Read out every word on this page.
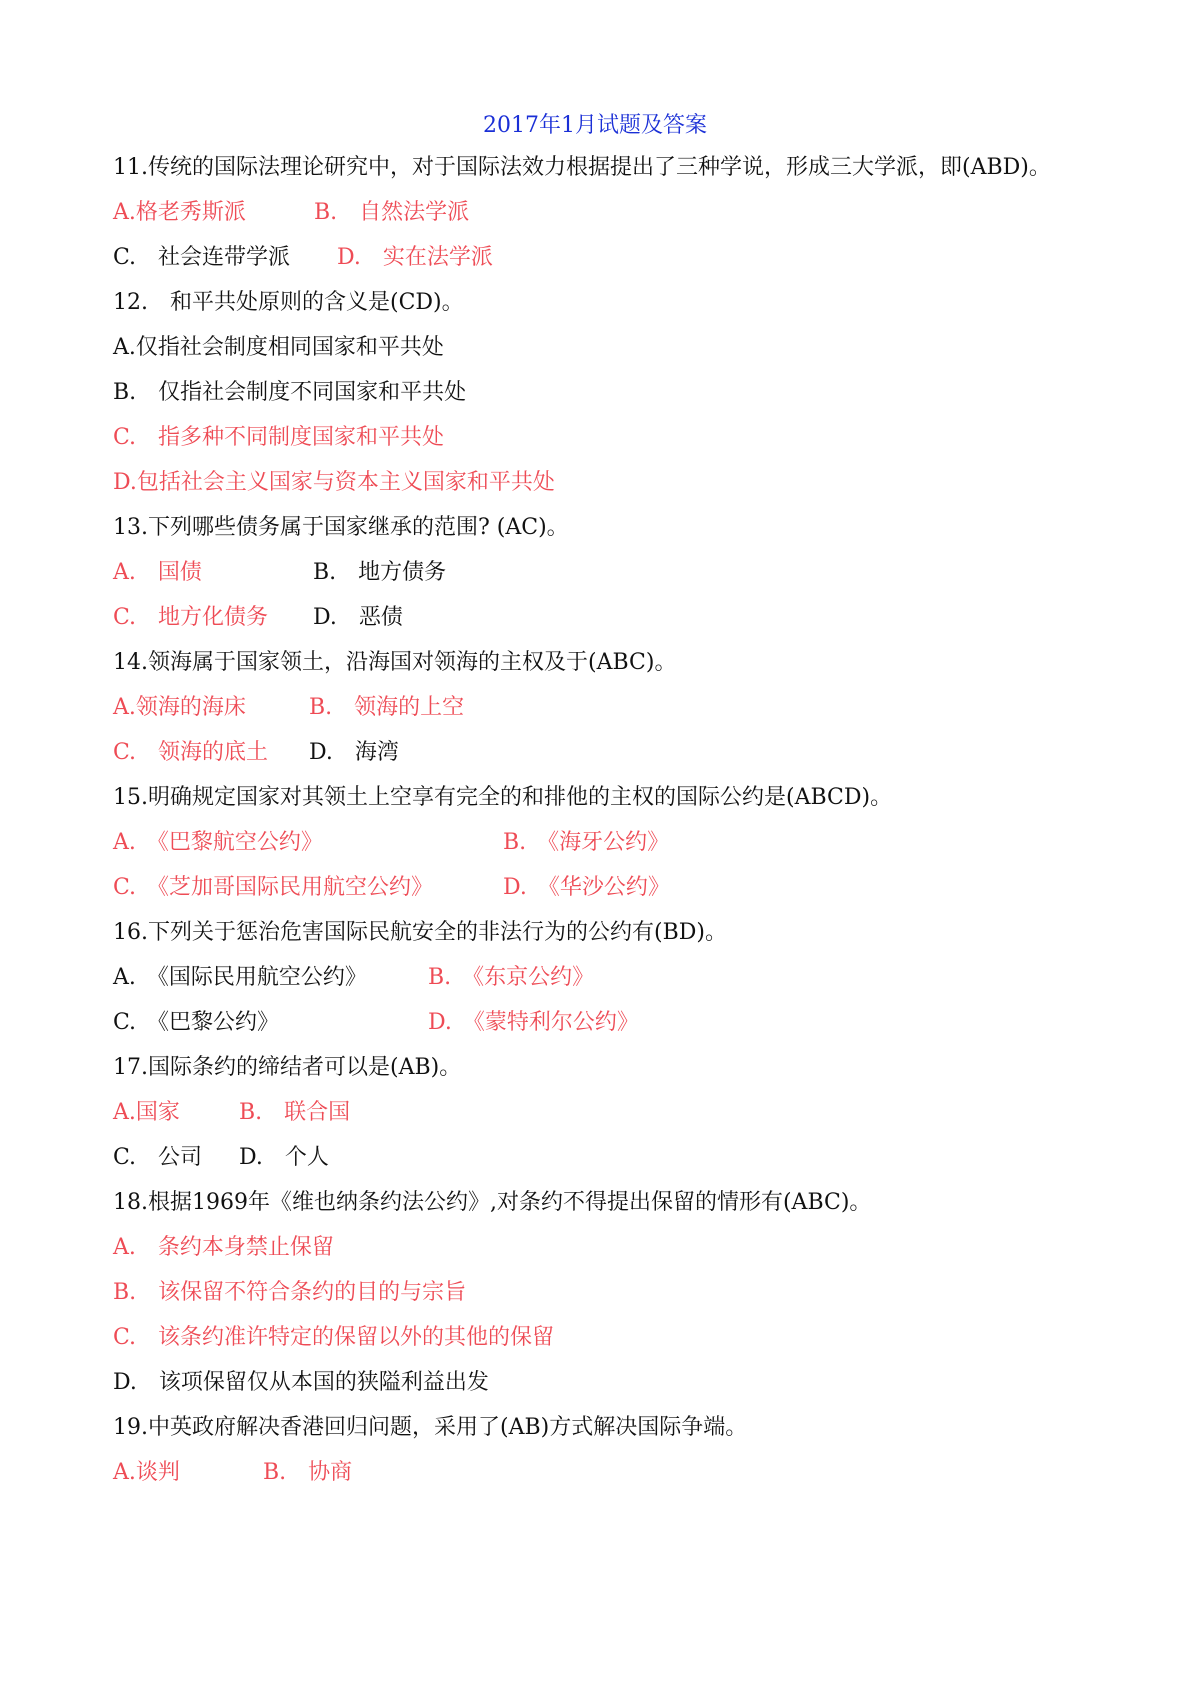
2017年1月试题及答案
11.传统的国际法理论研究中，对于国际法效力根据提出了三种学说，形成三大学派，即(ABD)。
A.格老秀斯派	B.　自然法学派
C.　社会连带学派 D.　实在法学派
12.　和平共处原则的含义是(CD)。
A.仅指社会制度相同国家和平共处
B.　仅指社会制度不同国家和平共处
C.　指多种不同制度国家和平共处
D.包括社会主义国家与资本主义国家和平共处
13.下列哪些债务属于国家继承的范围? (AC)。
A.　国债	B.　地方债务
C.　地方化债务 D.　恶债
14.领海属于国家领土，沿海国对领海的主权及于(ABC)。
A.领海的海床	B.　领海的上空
C.　领海的底土 D.　海湾
15.明确规定国家对其领土上空享有完全的和排他的主权的国际公约是(ABCD)。
A.　《巴黎航空公约》	B.　《海牙公约》
C.　《芝加哥国际民用航空公约》	D.　《华沙公约》
16.下列关于惩治危害国际民航安全的非法行为的公约有(BD)。
A.　《国际民用航空公约》	B.　《东京公约》
C.　《巴黎公约》	D.　《蒙特利尔公约》
17.国际条约的缔结者可以是(AB)。
A.国家	B.　联合国
C.　公司 D.　个人
18.根据1969年《维也纳条约法公约》,对条约不得提出保留的情形有(ABC)。
A.　条约本身禁止保留
B.　该保留不符合条约的目的与宗旨
C.　该条约准许特定的保留以外的其他的保留
D.　该项保留仅从本国的狭隘利益出发
19.中英政府解决香港回归问题，采用了(AB)方式解决国际争端。
A.谈判	B.　协商
